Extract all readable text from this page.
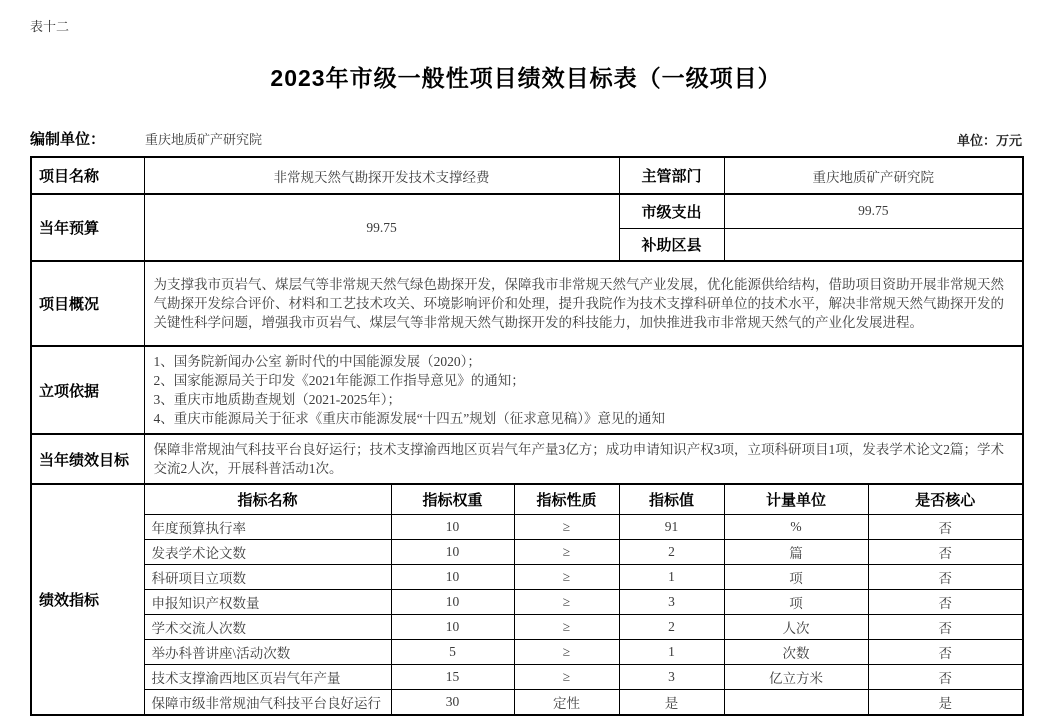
表十二
2023年市级一般性项目绩效目标表（一级项目）
编制单位：	重庆地质矿产研究院	单位：万元
项目名称	非常规天然气勘探开发技术支撑经费			主管部门	重庆地质矿产研究院	
当年预算	99.75			市级支出	99.75	
				补助区县		
项目概况	为支撑我市页岩气、煤层气等非常规天然气绿色勘探开发，保障我市非常规天然气产业发展，优化能源供给结构，借助项目资助开展非常规天然气勘探开发综合评价、材料和工艺技术攻关、环境影响评价和处理，提升我院作为技术支撑科研单位的技术水平，解决非常规天然气勘探开发的关键性科学问题，增强我市页岩气、煤层气等非常规天然气勘探开发的科技能力，加快推进我市非常规天然气的产业化发展进程。					
立项依据	1、国务院新闻办公室 新时代的中国能源发展（2020）；
2、国家能源局关于印发《2021年能源工作指导意见》的通知；
3、重庆市地质勘查规划（2021-2025年）；
4、重庆市能源局关于征求《重庆市能源发展“十四五”规划（征求意见稿）》意见的通知					

当年绩效目标	保障非常规油气科技平台良好运行；技术支撑渝西地区页岩气年产量3亿方；成功申请知识产权3项，立项科研项目1项，发表学术论文2篇；学术交流2人次，开展科普活动1次。					
绩效指标	指标名称	指标权重	指标性质	指标值	计量单位	是否核心
	年度预算执行率	10	≥	91	%	否
	发表学术论文数	10	≥	2	篇	否
	科研项目立项数	10	≥	1	项	否
	申报知识产权数量	10	≥	3	项	否
	学术交流人次数	10	≥	2	人次	否
	举办科普讲座\活动次数	5	≥	1	次数	否
	技术支撑渝西地区页岩气年产量	15	≥	3	亿立方米	否
	保障市级非常规油气科技平台良好运行	30	定性	是		是
